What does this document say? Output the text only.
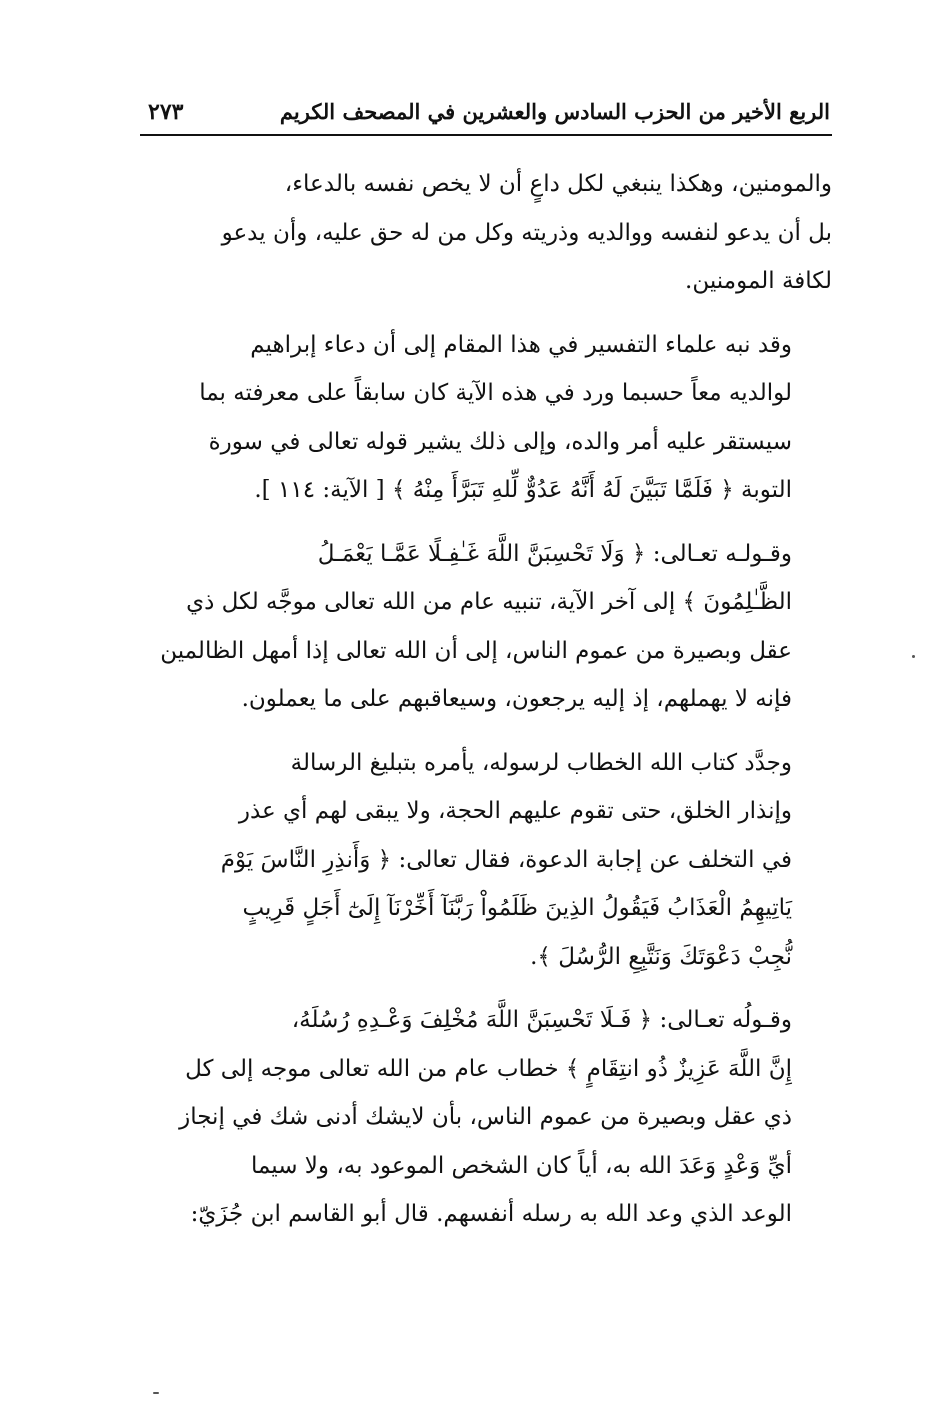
الربع الأخير من الحزب السادس والعشرين في المصحف الكريم
٢٧٣

والمومنين، وهكذا ينبغي لكل داعٍ أن لا يخص نفسه بالدعاء،
بل أن يدعو لنفسه ووالديه وذريته وكل من له حق عليه، وأن يدعو
لكافة المومنين.

وقد نبه علماء التفسير في هذا المقام إلى أن دعاء إبراهيم
لوالديه معاً حسبما ورد في هذه الآية كان سابقاً على معرفته بما
سيستقر عليه أمر والده، وإلى ذلك يشير قوله تعالى في سورة
التوبة ﴿ فَلَمَّا تَبَيَّنَ لَهُ أَنَّهُ عَدُوٌّ لِّلهِ تَبَرَّأَ مِنْهُ ﴾ [ الآية: ١١٤ ].

وقـولـه تعـالى: ﴿ وَلَا تَحْسِبَنَّ اللَّهَ غَـٰفِـلًا عَمَّـا يَعْمَـلُ
الظَّـٰلِمُونَ ﴾ إلى آخر الآية، تنبيه عام من الله تعالى موجَّه لكل ذي
عقل وبصيرة من عموم الناس، إلى أن الله تعالى إذا أمهل الظالمين
فإنه لا يهملهم، إذ إليه يرجعون، وسيعاقبهم على ما يعملون.

وجدَّد كتاب الله الخطاب لرسوله، يأمره بتبليغ الرسالة
وإنذار الخلق، حتى تقوم عليهم الحجة، ولا يبقى لهم أي عذر
في التخلف عن إجابة الدعوة، فقال تعالى: ﴿ وَأَنذِرِ النَّاسَ يَوْمَ
يَاتِيهِمُ الْعَذَابُ فَيَقُولُ الذِينَ ظَلَمُواْ رَبَّنَآ أَخِّرْنَآ إِلَىٰٓ أَجَلٍ قَرِيبٍ
نُّجِبْ دَعْوَتَكَ وَنَتَّبِعِ الرُّسُلَ ﴾.

وقـولُه تعـالى: ﴿ فَـلَا تَحْسِبَنَّ اللَّهَ مُخْلِفَ وَعْـدِهِ رُسُلَهُ،
إِنَّ اللَّهَ عَزِيزٌ ذُو انتِقَامٍ ﴾ خطاب عام من الله تعالى موجه إلى كل
ذي عقل وبصيرة من عموم الناس، بأن لايشك أدنى شك في إنجاز
أيِّ وَعْدٍ وَعَدَ الله به، أياً كان الشخص الموعود به، ولا سيما
الوعد الذي وعد الله به رسله أنفسهم. قال أبو القاسم ابن جُزَيّ:
